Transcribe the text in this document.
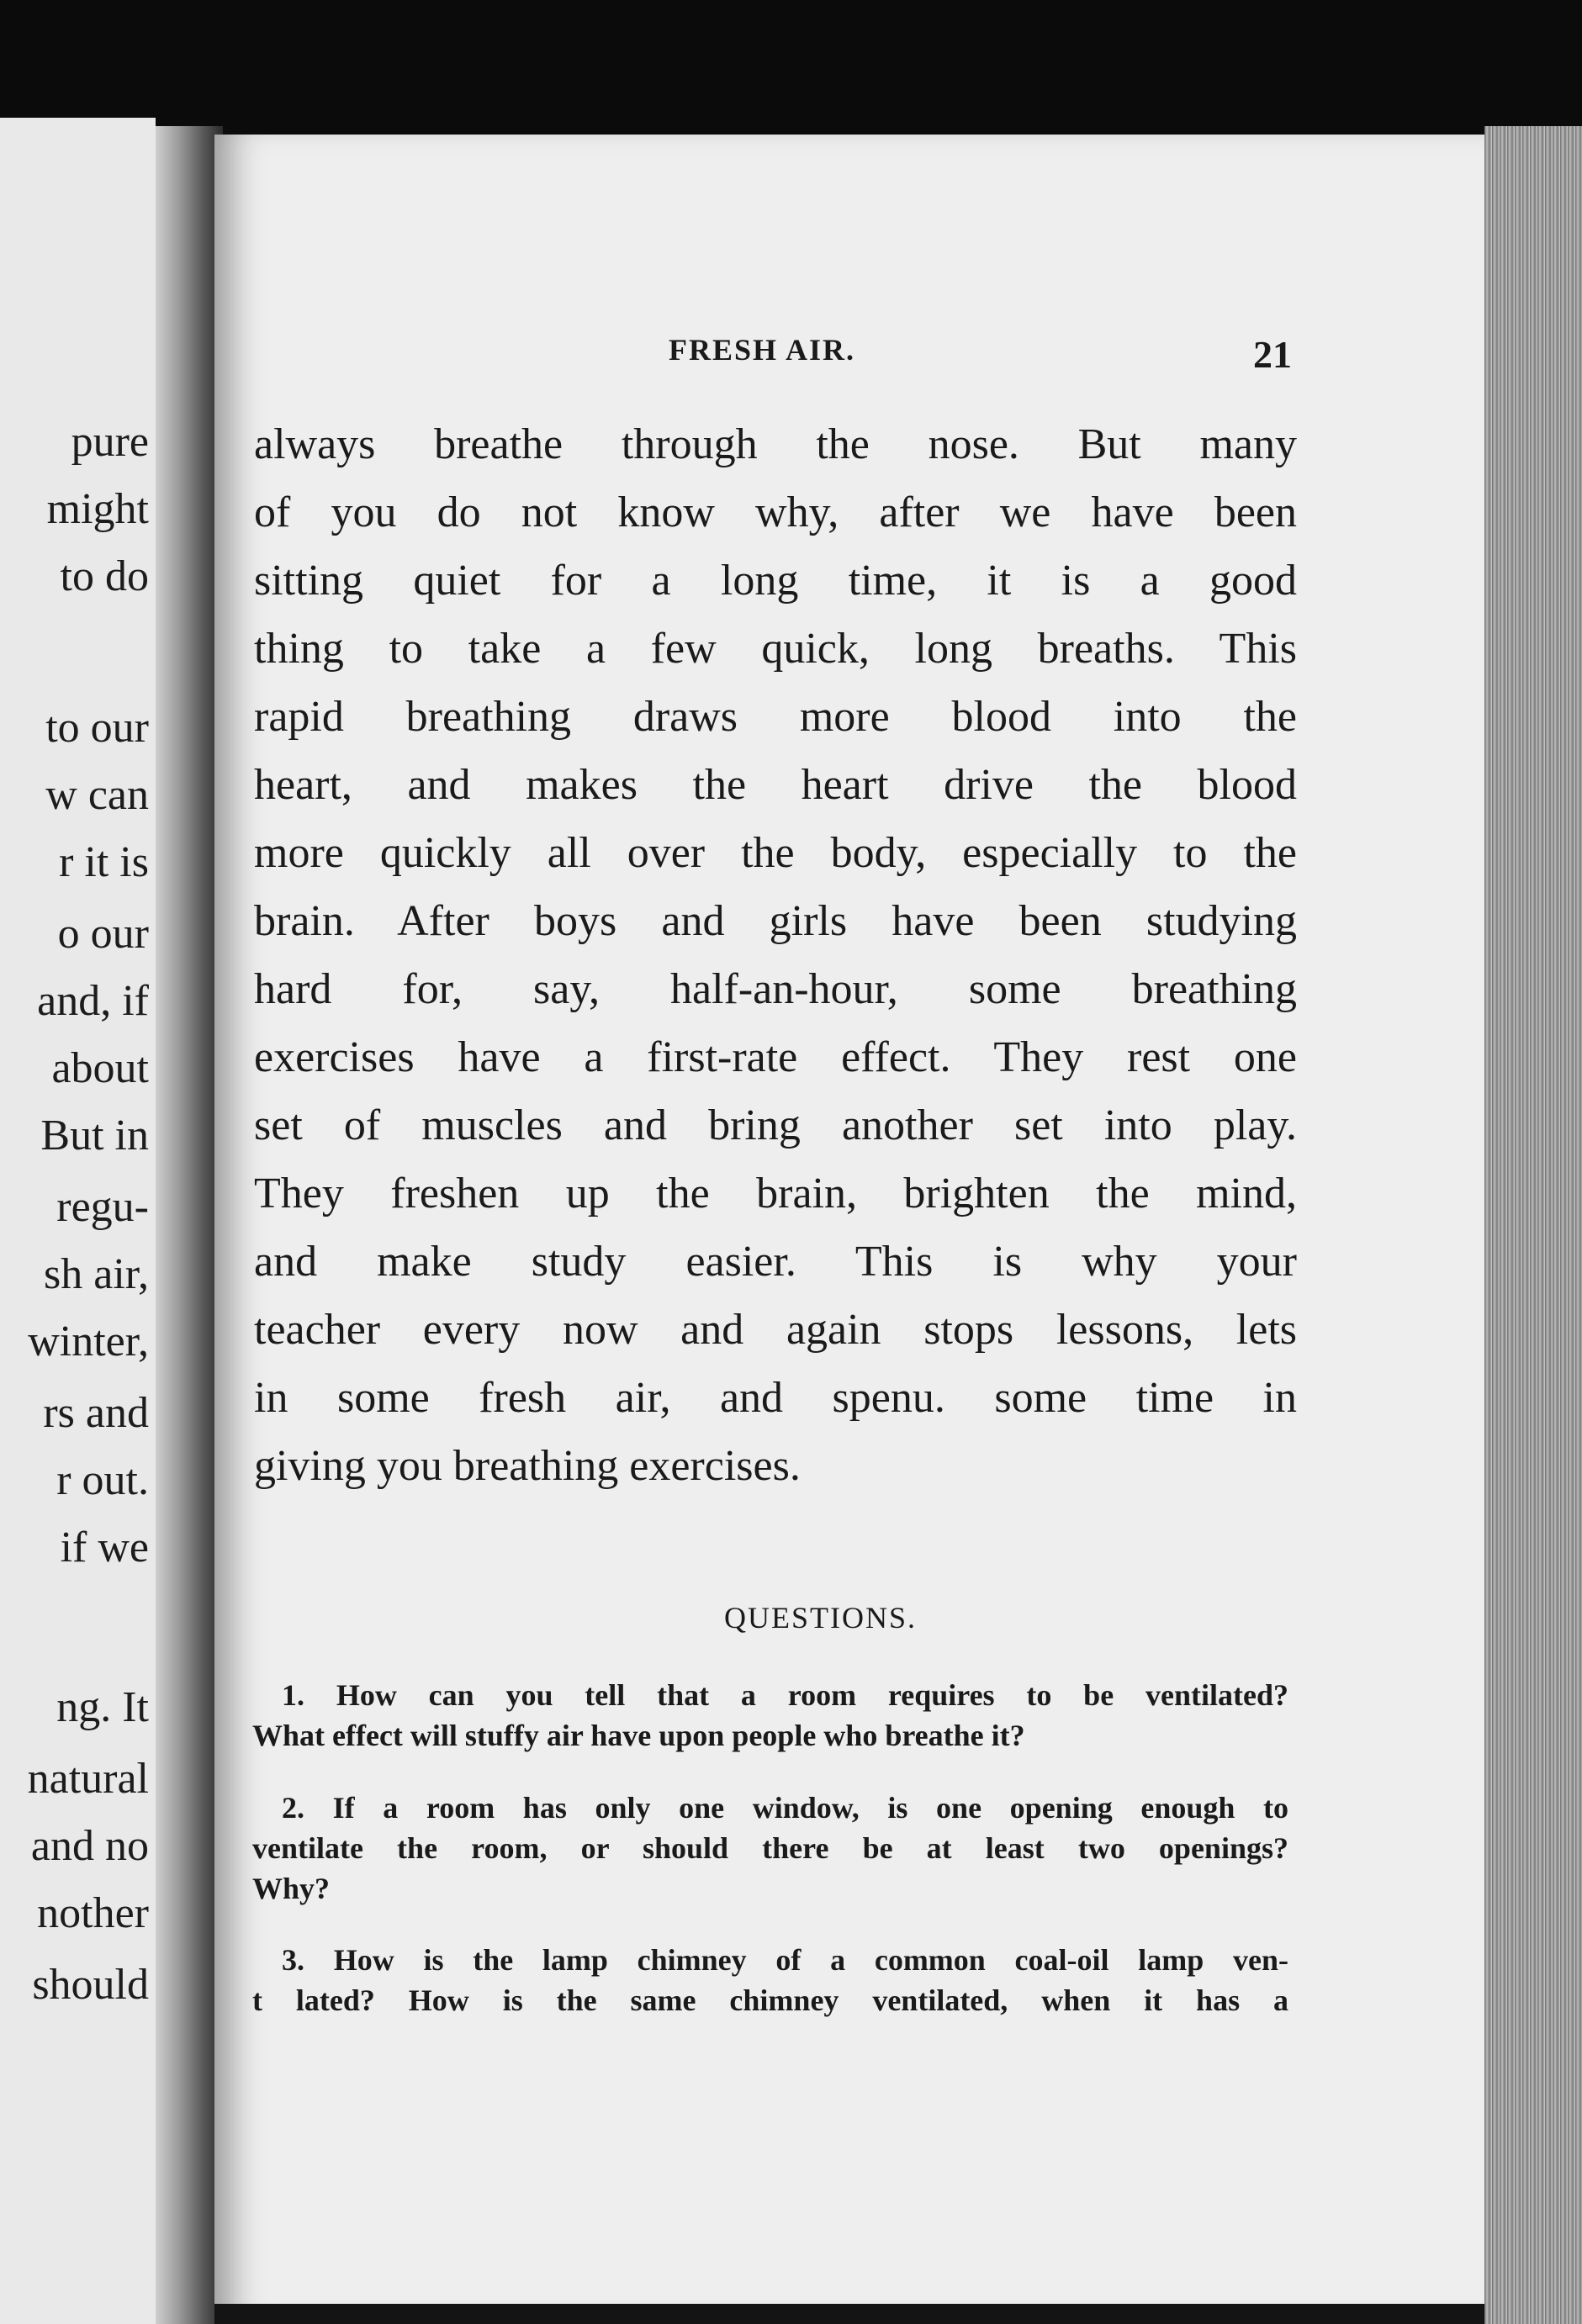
pure
might
to do
to our
w can
r it is
o our
and, if
about
But in
regu-
sh air,
winter,
rs and
r out.
if we
ng. It
natural
and no
nother
should
FRESH AIR.	21
always breathe through the nose. But many
of you do not know why, after we have been
sitting quiet for a long time, it is a good
thing to take a few quick, long breaths. This
rapid breathing draws more blood into the
heart, and makes the heart drive the blood
more quickly all over the body, especially to the
brain. After boys and girls have been studying
hard for, say, half-an-hour, some breathing
exercises have a first-rate effect. They rest one
set of muscles and bring another set into play.
They freshen up the brain, brighten the mind,
and make study easier. This is why your
teacher every now and again stops lessons, lets
in some fresh air, and spenu. some time in
giving you breathing exercises.
QUESTIONS.
1. How can you tell that a room requires to be ventilated?
What effect will stuffy air have upon people who breathe it?
2. If a room has only one window, is one opening enough to
ventilate the room, or should there be at least two openings?
Why?
3. How is the lamp chimney of a common coal-oil lamp ven-
t lated? How is the same chimney ventilated, when it has a
